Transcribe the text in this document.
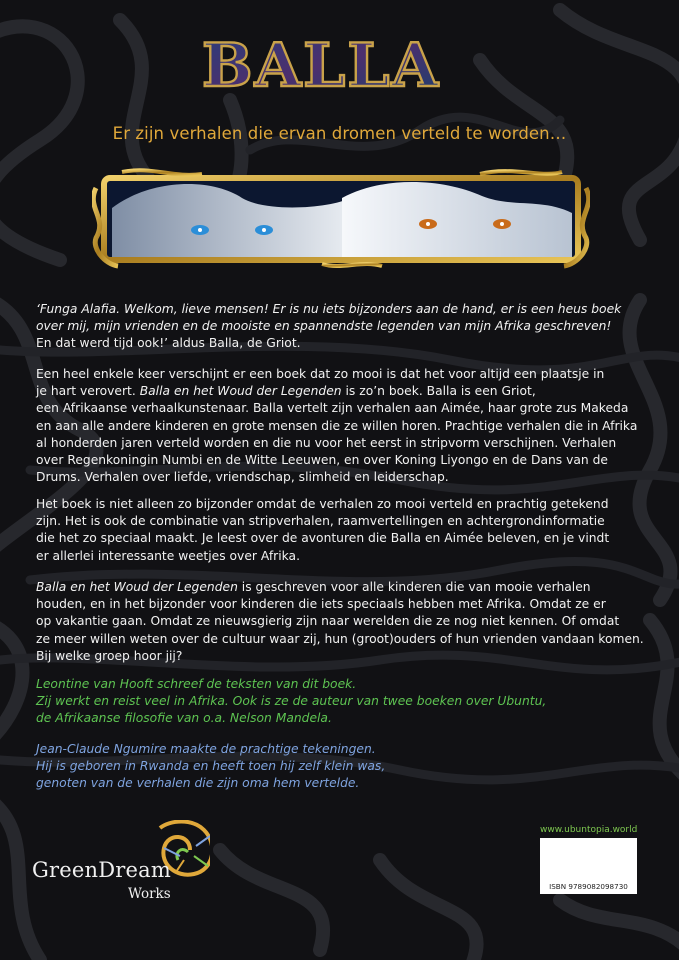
BALLA
Er zijn verhalen die ervan dromen verteld te worden…
‘Funga Alafia. Welkom, lieve mensen! Er is nu iets bijzonders aan de hand, er is een heus boek
over mij, mijn vrienden en de mooiste en spannendste legenden van mijn Afrika geschreven!
En dat werd tijd ook!’ aldus Balla, de Griot.
Een heel enkele keer verschijnt er een boek dat zo mooi is dat het voor altijd een plaatsje in
je hart verovert. Balla en het Woud der Legenden is zo’n boek. Balla is een Griot,
een Afrikaanse verhaalkunstenaar. Balla vertelt zijn verhalen aan Aimée, haar grote zus Makeda
en aan alle andere kinderen en grote mensen die ze willen horen. Prachtige verhalen die in Afrika
al honderden jaren verteld worden en die nu voor het eerst in stripvorm verschijnen. Verhalen
over Regenkoningin Numbi en de Witte Leeuwen, en over Koning Liyongo en de Dans van de
Drums. Verhalen over liefde, vriendschap, slimheid en leiderschap.
Het boek is niet alleen zo bijzonder omdat de verhalen zo mooi verteld en prachtig getekend
zijn. Het is ook de combinatie van stripverhalen, raamvertellingen en achtergrondinformatie
die het zo speciaal maakt. Je leest over de avonturen die Balla en Aimée beleven, en je vindt
er allerlei interessante weetjes over Afrika.
Balla en het Woud der Legenden is geschreven voor alle kinderen die van mooie verhalen
houden, en in het bijzonder voor kinderen die iets speciaals hebben met Afrika. Omdat ze er
op vakantie gaan. Omdat ze nieuwsgierig zijn naar werelden die ze nog niet kennen. Of omdat
ze meer willen weten over de cultuur waar zij, hun (groot)ouders of hun vrienden vandaan komen.
Bij welke groep hoor jij?
Leontine van Hooft schreef de teksten van dit boek.
Zij werkt en reist veel in Afrika. Ook is ze de auteur van twee boeken over Ubuntu,
de Afrikaanse filosofie van o.a. Nelson Mandela.
Jean-Claude Ngumire maakte de prachtige tekeningen.
Hij is geboren in Rwanda en heeft toen hij zelf klein was,
genoten van de verhalen die zijn oma hem vertelde.
GreenDream
Works
www.ubuntopia.world
ISBN 9789082098730
